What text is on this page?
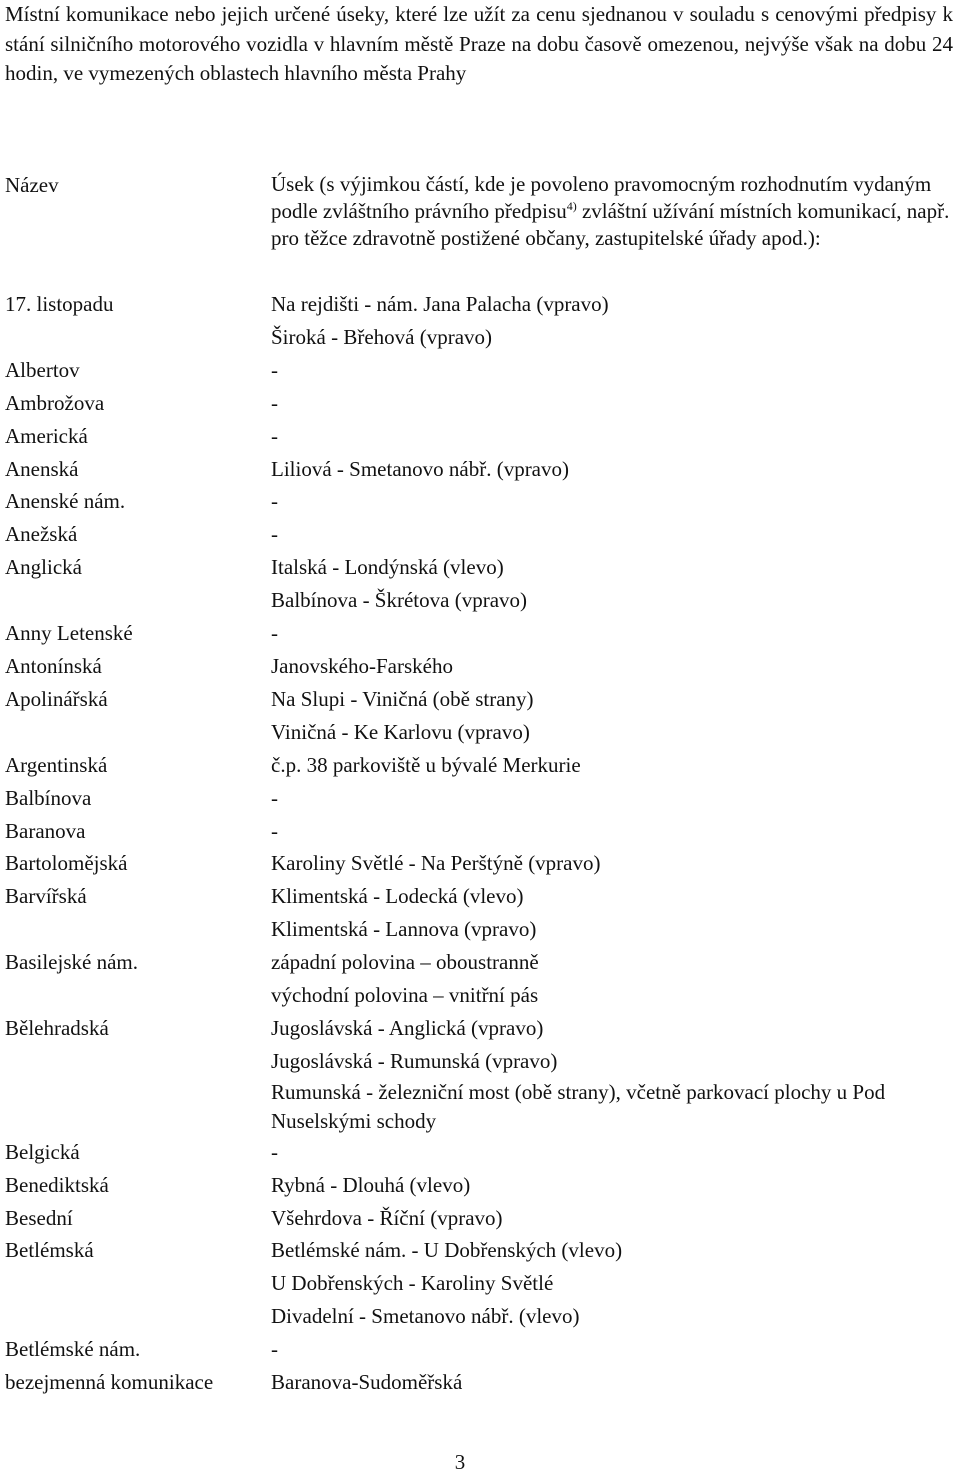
Místní komunikace nebo jejich určené úseky, které lze užít za cenu sjednanou v souladu s cenovými předpisy k stání silničního motorového vozidla v hlavním městě Praze na dobu časově omezenou, nejvýše však na dobu 24 hodin, ve vymezených oblastech hlavního města Prahy
Název	Úsek (s výjimkou částí, kde je povoleno pravomocným rozhodnutím vydaným podle zvláštního právního předpisu$^{4)}$ zvláštní užívání místních komunikací, např. pro těžce zdravotně postižené občany, zastupitelské úřady apod.):
17. listopadu	Na rejdišti - nám. Jana Palacha (vpravo)
Široká - Břehová (vpravo)
Albertov	-
Ambrožova	-
Americká	-
Anenská	Liliová - Smetanovo nábř. (vpravo)
Anenské nám.	-
Anežská	-
Anglická	Italská - Londýnská (vlevo)
Balbínova - Škrétova (vpravo)
Anny Letenské	-
Antonínská	Janovského-Farského
Apolinářská	Na Slupi - Viničná (obě strany)
Viničná - Ke Karlovu (vpravo)
Argentinská	č.p. 38 parkoviště u bývalé Merkurie
Balbínova	-
Baranova	-
Bartolomějská	Karoliny Světlé - Na Perštýně (vpravo)
Barvířská	Klimentská - Lodecká (vlevo)
Klimentská - Lannova (vpravo)
Basilejské nám.	západní polovina – oboustranně
východní polovina – vnitřní pás
Bělehradská	Jugoslávská - Anglická (vpravo)
Jugoslávská - Rumunská (vpravo)
Rumunská - železniční most (obě strany), včetně parkovací plochy u Pod Nuselskými schody
Belgická	-
Benediktská	Rybná - Dlouhá (vlevo)
Besední	Všehrdova - Říční (vpravo)
Betlémská	Betlémské nám. - U Dobřenských (vlevo)
U Dobřenských - Karoliny Světlé
Divadelní - Smetanovo nábř. (vlevo)
Betlémské nám.	-
bezejmenná komunikace	Baranova-Sudoměřská
3
